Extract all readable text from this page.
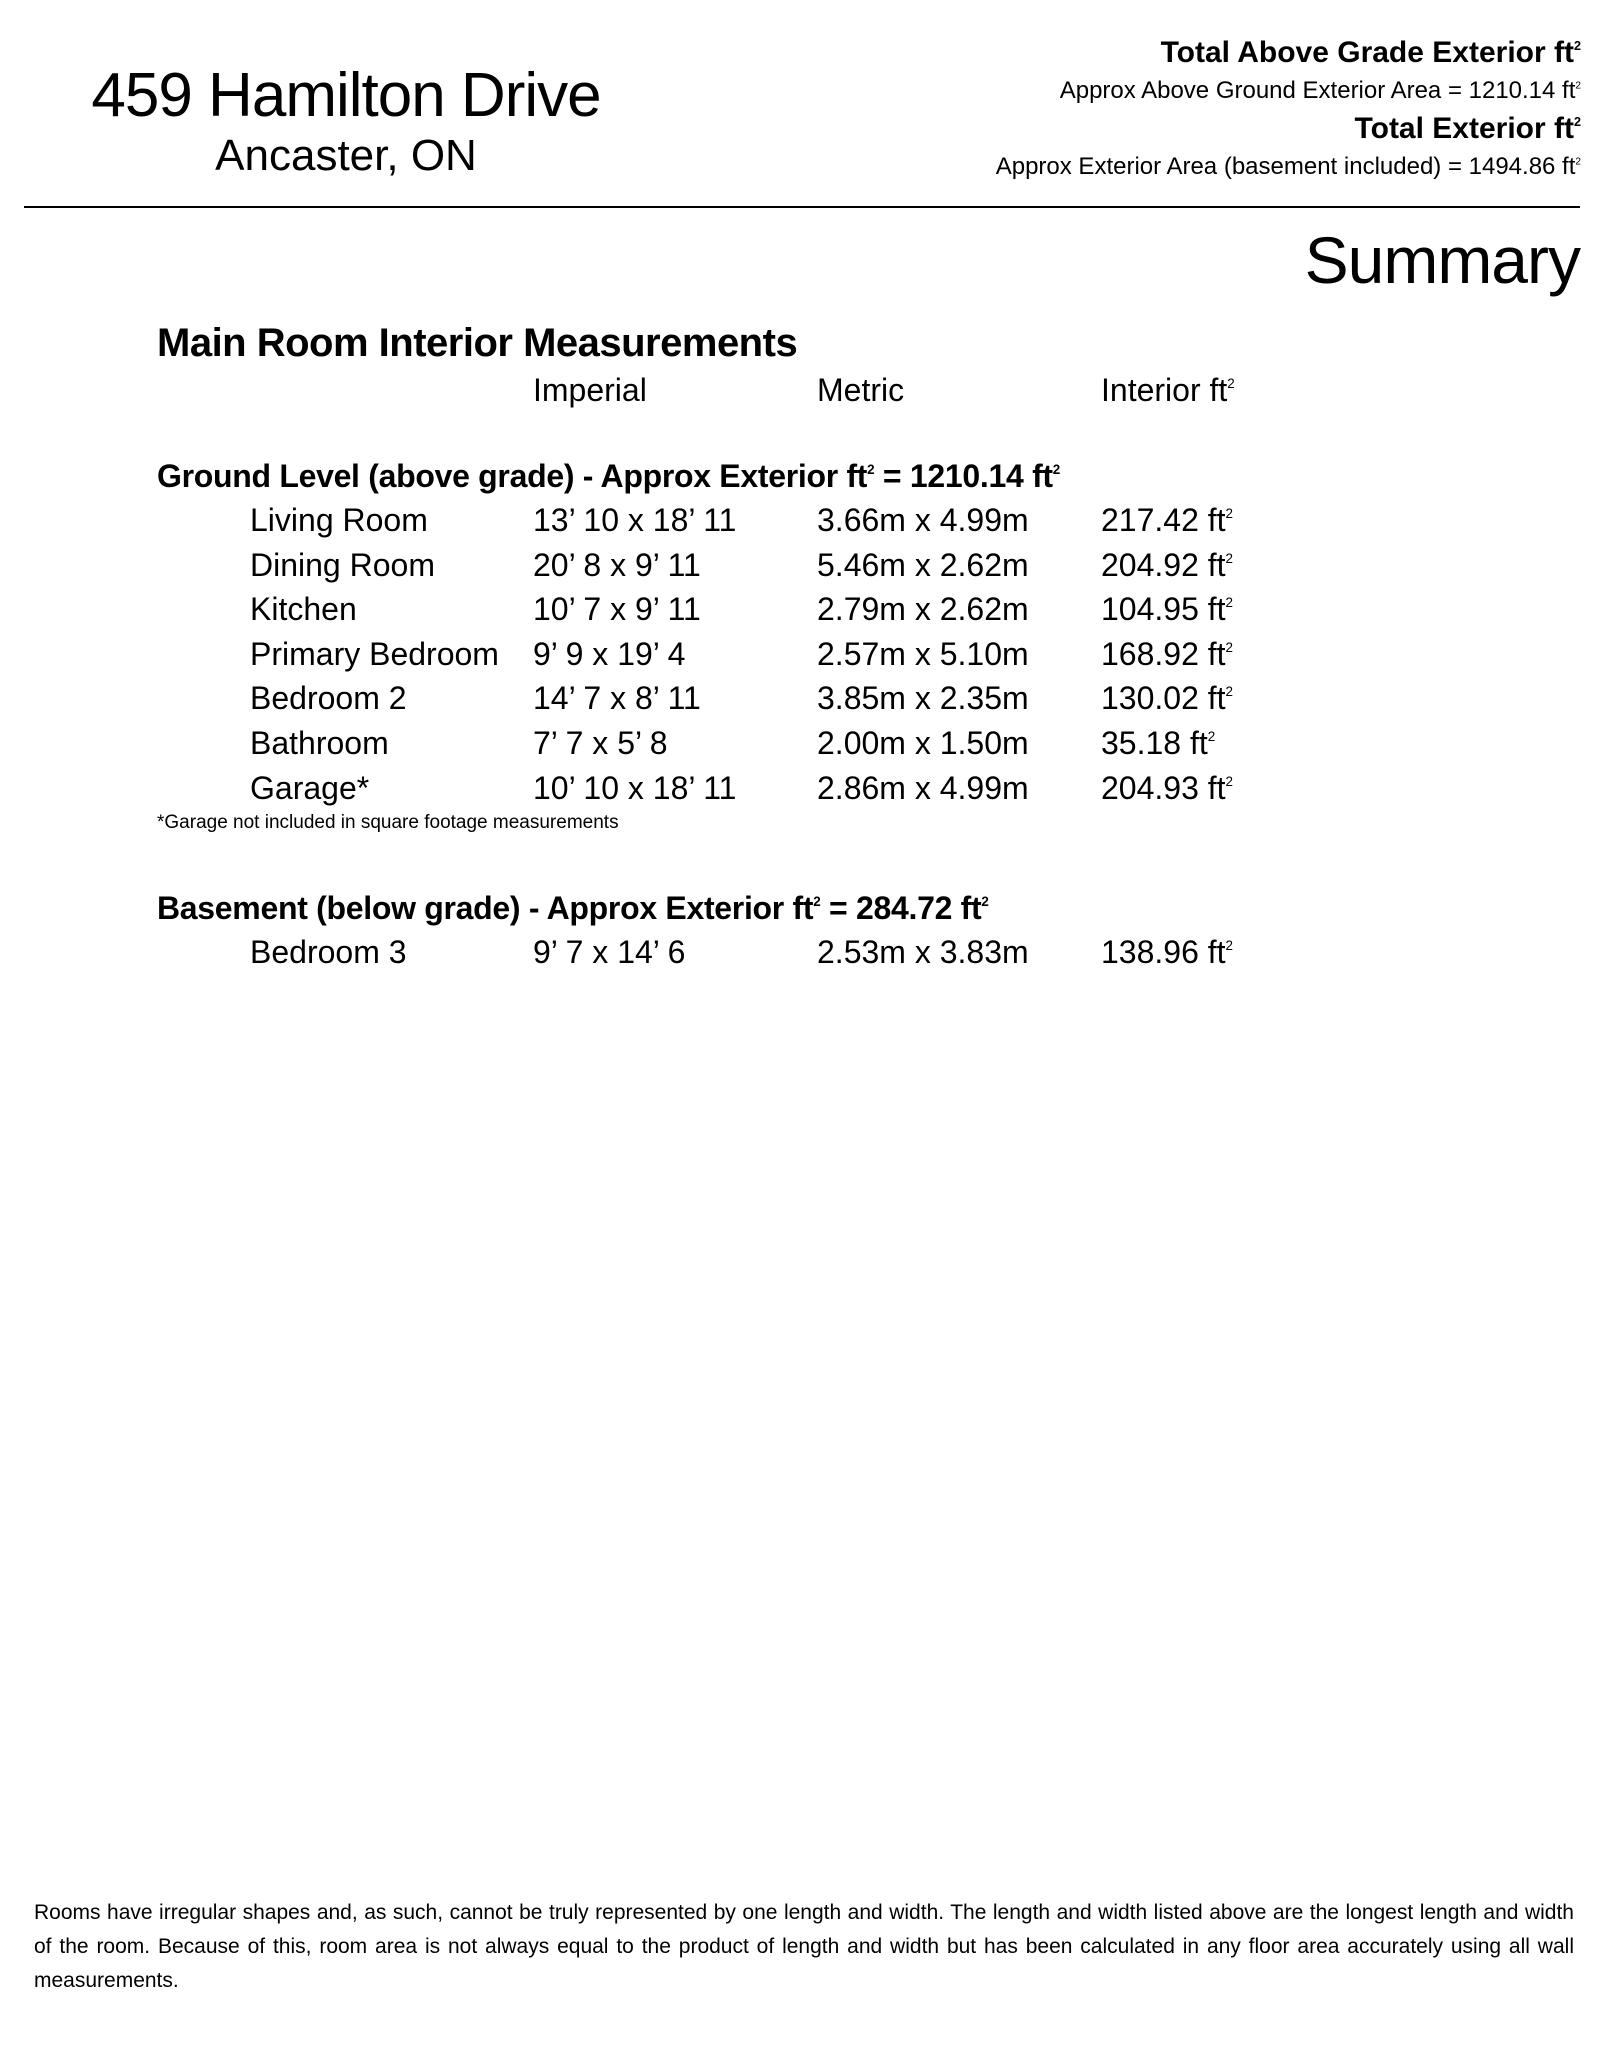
459 Hamilton Drive
Ancaster, ON
Total Above Grade Exterior $ft^2$
Approx Above Ground Exterior Area = 1210.14 $ft^2$
Total Exterior $ft^2$
Approx Exterior Area (basement included) = 1494.86 $ft^2$
Summary
Main Room Interior Measurements
Imperial	Metric	Interior $ft^2$
Ground Level (above grade) - Approx Exterior $ft^2 = 1210.14$ $ft^2$
Living Room	13’ 10 x 18’ 11	3.66m x 4.99m 217.42 $ft^2$
Dining Room	20’ 8 x 9’ 11	5.46m x 2.62m 204.92 $ft^2$
Kitchen	10’ 7 x 9’ 11	2.79m x 2.62m 104.95 $ft^2$
Primary Bedroom 9’ 9 x 19’ 4	2.57m x 5.10m 168.92 $ft^2$
Bedroom 2	14’ 7 x 8’ 11	3.85m x 2.35m 130.02 $ft^2$
Bathroom	7’ 7 x 5’ 8	2.00m x 1.50m 35.18 $ft^2$
Garage*	10’ 10 x 18’ 11	2.86m x 4.99m 204.93 $ft^2$
*Garage not included in square footage measurements
Basement (below grade) - Approx Exterior $ft^2 = 284.72$ $ft^2$
Bedroom 3	9’ 7 x 14’ 6	2.53m x 3.83m 138.96 $ft^2$
Rooms have irregular shapes and, as such, cannot be truly represented by one length and width. The length and width listed above are the longest length and width of the room. Because of this, room area is not always equal to the product of length and width but has been calculated in any floor area accurately using all wall measurements.
